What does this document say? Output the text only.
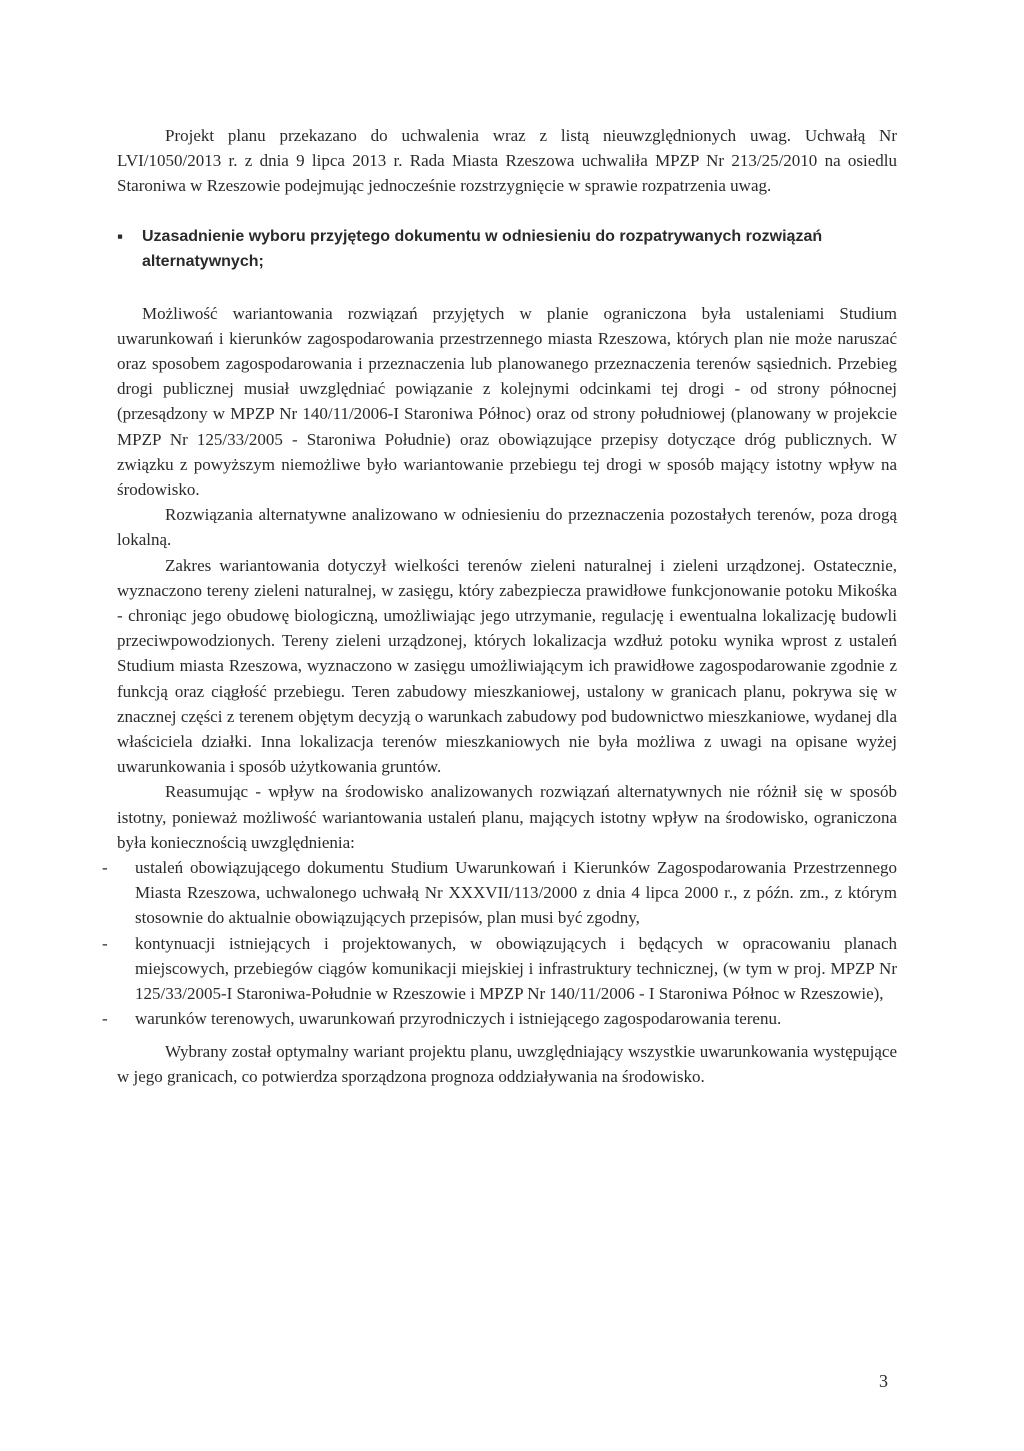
Projekt planu przekazano do uchwalenia wraz z listą nieuwzględnionych uwag. Uchwałą Nr LVI/1050/2013 r. z dnia 9 lipca 2013 r. Rada Miasta Rzeszowa uchwaliła MPZP Nr 213/25/2010 na osiedlu Staroniwa w Rzeszowie podejmując jednocześnie rozstrzygnięcie w sprawie rozpatrzenia uwag.

▪ Uzasadnienie wyboru przyjętego dokumentu w odniesieniu do rozpatrywanych rozwiązań alternatywnych;

Możliwość wariantowania rozwiązań przyjętych w planie ograniczona była ustaleniami Studium uwarunkowań i kierunków zagospodarowania przestrzennego miasta Rzeszowa, których plan nie może naruszać oraz sposobem zagospodarowania i przeznaczenia lub planowanego przeznaczenia terenów sąsiednich. Przebieg drogi publicznej musiał uwzględniać powiązanie z kolejnymi odcinkami tej drogi - od strony północnej (przesądzony w MPZP Nr 140/11/2006-I Staroniwa Północ) oraz od strony południowej (planowany w projekcie MPZP Nr 125/33/2005 - Staroniwa Południe) oraz obowiązujące przepisy dotyczące dróg publicznych. W związku z powyższym niemożliwe było wariantowanie przebiegu tej drogi w sposób mający istotny wpływ na środowisko.

Rozwiązania alternatywne analizowano w odniesieniu do przeznaczenia pozostałych terenów, poza drogą lokalną.

Zakres wariantowania dotyczył wielkości terenów zieleni naturalnej i zieleni urządzonej. Ostatecznie, wyznaczono tereny zieleni naturalnej, w zasięgu, który zabezpiecza prawidłowe funkcjonowanie potoku Mikośka - chroniąc jego obudowę biologiczną, umożliwiając jego utrzymanie, regulację i ewentualna lokalizację budowli przeciwpowodzionych. Tereny zieleni urządzonej, których lokalizacja wzdłuż potoku wynika wprost z ustaleń Studium miasta Rzeszowa, wyznaczono w zasięgu umożliwiającym ich prawidłowe zagospodarowanie zgodnie z funkcją oraz ciągłość przebiegu. Teren zabudowy mieszkaniowej, ustalony w granicach planu, pokrywa się w znacznej części z terenem objętym decyzją o warunkach zabudowy pod budownictwo mieszkaniowe, wydanej dla właściciela działki. Inna lokalizacja terenów mieszkaniowych nie była możliwa z uwagi na opisane wyżej uwarunkowania i sposób użytkowania gruntów.

Reasumując - wpływ na środowisko analizowanych rozwiązań alternatywnych nie różnił się w sposób istotny, ponieważ możliwość wariantowania ustaleń planu, mających istotny wpływ na środowisko, ograniczona była koniecznością uwzględnienia:

- ustaleń obowiązującego dokumentu Studium Uwarunkowań i Kierunków Zagospodarowania Przestrzennego Miasta Rzeszowa, uchwalonego uchwałą Nr XXXVII/113/2000 z dnia 4 lipca 2000 r., z późn. zm., z którym stosownie do aktualnie obowiązujących przepisów, plan musi być zgodny,
- kontynuacji istniejących i projektowanych, w obowiązujących i będących w opracowaniu planach miejscowych, przebiegów ciągów komunikacji miejskiej i infrastruktury technicznej, (w tym w proj. MPZP Nr 125/33/2005-I Staroniwa-Południe w Rzeszowie i MPZP Nr 140/11/2006 - I Staroniwa Północ w Rzeszowie),
- warunków terenowych, uwarunkowań przyrodniczych i istniejącego zagospodarowania terenu.

Wybrany został optymalny wariant projektu planu, uwzględniający wszystkie uwarunkowania występujące w jego granicach, co potwierdza sporządzona prognoza oddziaływania na środowisko.

3
